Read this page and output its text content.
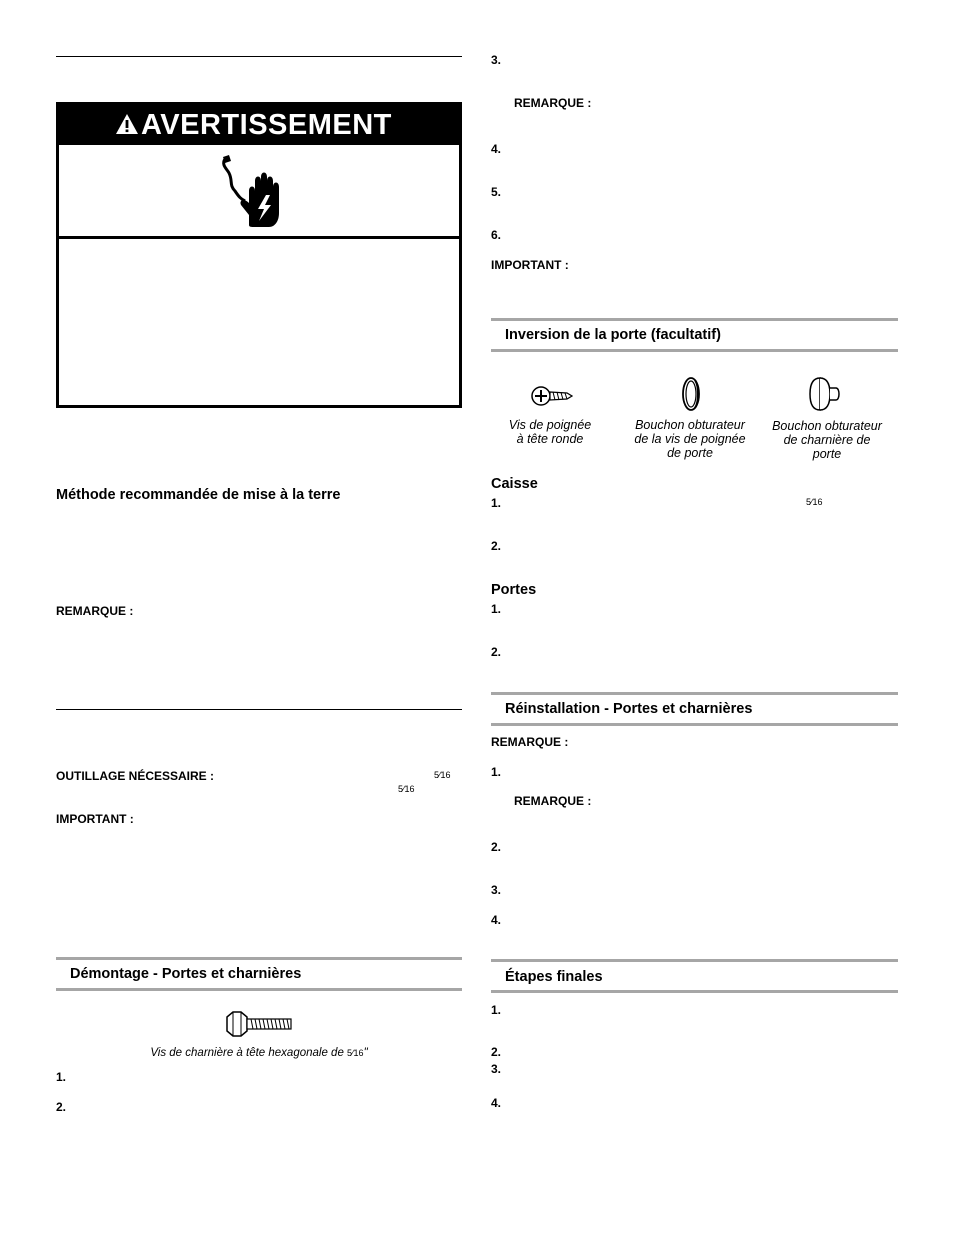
AVERTISSEMENT
Méthode recommandée de mise à la terre
REMARQUE :
OUTILLAGE NÉCESSAIRE :	5⁄16
5⁄16
IMPORTANT :
Démontage - Portes et charnières
Vis de charnière à tête hexagonale de 5⁄16"
1.
2.
3.
REMARQUE :
4.
5.
6.
IMPORTANT :
Inversion de la porte (facultatif)
Vis de poignée
à tête ronde
Bouchon obturateur
de la vis de poignée
de porte
Bouchon obturateur
de charnière de
porte
Caisse
1.	5⁄16
2.
Portes
1.
2.
Réinstallation - Portes et charnières
REMARQUE :
1.
REMARQUE :
2.
3.
4.
Étapes finales
1.
2.
3.
4.
